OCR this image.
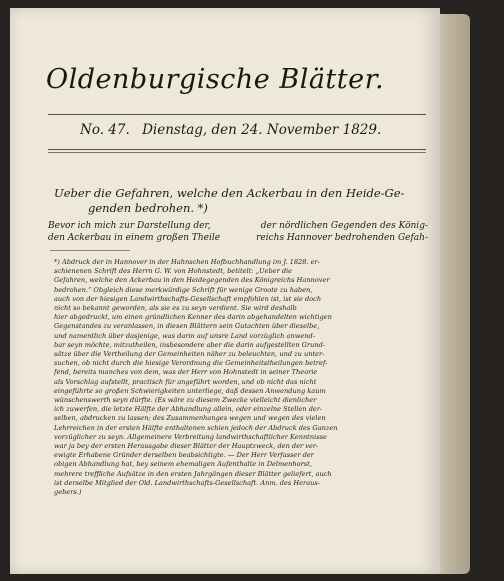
Oldenburgische Blätter.
No. 47. Dienstag, den 24. November 1829.
Ueber die Gefahren, welche den Ackerbau in den Heide-Ge-
genden bedrohen. *)
Bevor ich mich zur Darstellung der,	der nördlichen Gegenden des König-
den Ackerbau in einem großen Theile	reichs Hannover bedrohenden Gefah-
*) Abdruck der in Hannover in der Hahnschen Hofbuchhandlung im J. 1828. er-
schienenen Schrift des Herrn G. W. von Hohnstedt, betitelt: „Ueber die
Gefahren, welche den Ackerbau in den Heidegegenden des Königreichs Hannover
bedrohen.“ Obgleich diese merkwürdige Schrift für wenige Groote zu haben,
auch von der hiesigen Landwirthschafts-Gesellschaft empfohlen ist, ist sie doch
nicht so bekannt geworden, als sie es zu seyn verdient. Sie wird deshalb
hier abgedruckt, um einen gründlichen Kenner des darin abgehandelten wichtigen
Gegenstandes zu veranlassen, in diesen Blättern sein Gutachten über dieselbe,
und namentlich über dasjenige, was darin auf unsre Land vorzüglich anwend-
bar seyn möchte, mitzutheilen, insbesondere aber die darin aufgestellten Grund-
sätze über die Vertheilung der Gemeinheiten näher zu beleuchten, und zu unter-
suchen, ob nicht durch die hiesige Verordnung die Gemeinheitstheilungen betref-
fend, bereits manches von dem, was der Herr von Hohnstedt in seiner Theorie
als Vorschlag aufstellt, practisch für angeführt worden, und ob nicht das nicht
eingeführte so großen Schwierigkeiten unterliege, daß dessen Anwendung kaum
wünschenswerth seyn dürfte. (Es wäre zu diesem Zwecke vielleicht dienlicher
ich zuwerfen, die letzte Hälfte der Abhandlung allein, oder einzelne Stellen der-
selben, abdrucken zu lassen; des Zusammenhanges wegen und wegen des vielen
Lehrreichen in der ersten Hälfte enthaltenen schien jedoch der Abdruck des Ganzen
vorzüglicher zu seyn. Allgemeinere Verbreitung landwirthschaftlicher Kenntnisse
war ja bey der ersten Herausgabe dieser Blätter der Hauptzweck, den der ver-
ewigte Erhabene Gründer derselben beabsichtigte. — Der Herr Verfasser der
obigen Abhandlung hat, bey seinem ehemaligen Aufenthalte in Delmenhorst,
mehrere treffliche Aufsätze in den ersten Jahrgängen dieser Blätter geliefert, auch
ist derselbe Mitglied der Old. Landwirthschafts-Gesellschaft. Anm. des Heraus-
gebers.)
